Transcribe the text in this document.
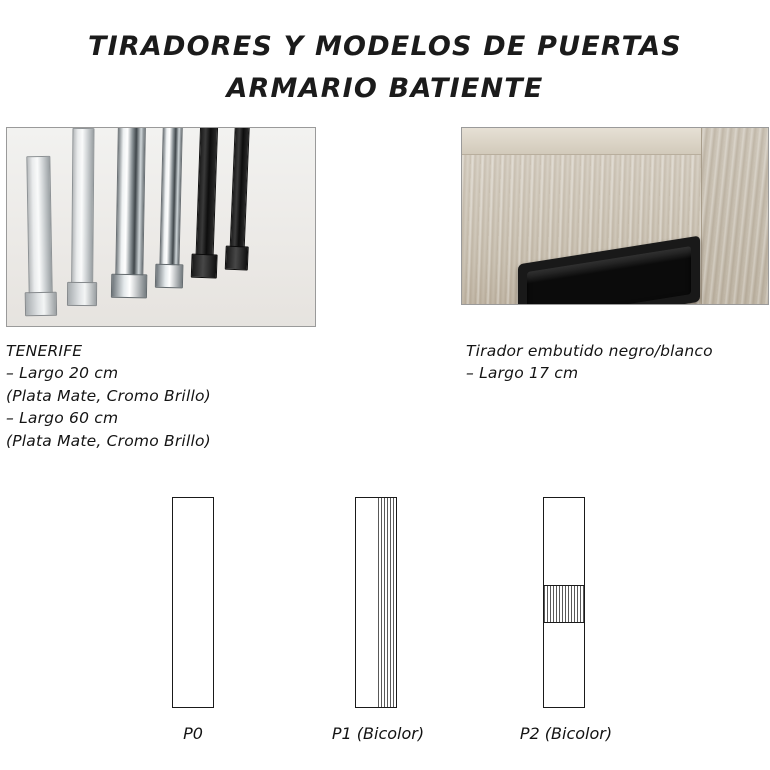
TIRADORES Y MODELOS DE PUERTAS
ARMARIO BATIENTE
TENERIFE
– Largo 20 cm
(Plata Mate, Cromo Brillo)
– Largo 60 cm
(Plata Mate, Cromo Brillo)
Tirador embutido negro/blanco
– Largo 17 cm
P0	P1 (Bicolor)	P2 (Bicolor)
